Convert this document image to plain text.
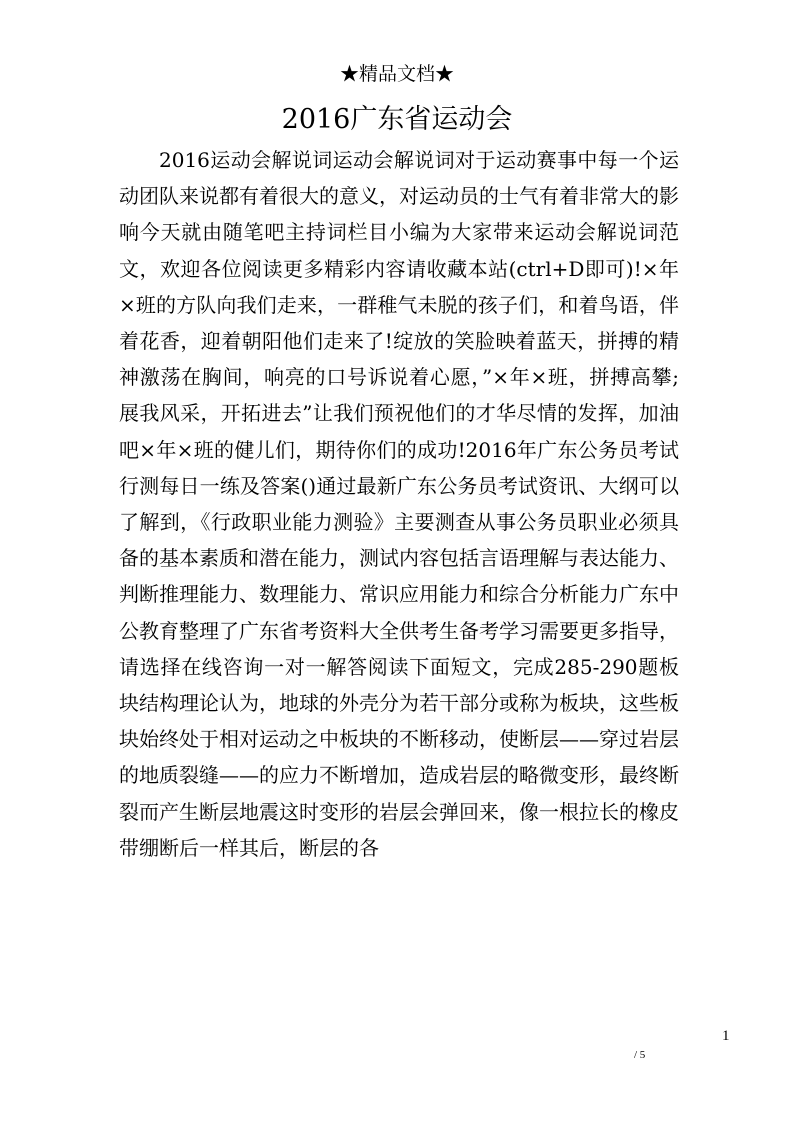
★精品文档★
2016广东省运动会

2016运动会解说词运动会解说词对于运动赛事中每一个运动团队来说都有着很大的意义，对运动员的士气有着非常大的影响今天就由随笔吧主持词栏目小编为大家带来运动会解说词范文，欢迎各位阅读更多精彩内容请收藏本站(ctrl+D即可)!×年×班的方队向我们走来，一群稚气未脱的孩子们，和着鸟语，伴着花香，迎着朝阳他们走来了!绽放的笑脸映着蓝天，拼搏的精神激荡在胸间，响亮的口号诉说着心愿，”×年×班，拼搏高攀;展我风采，开拓进去”让我们预祝他们的才华尽情的发挥，加油吧×年×班的健儿们，期待你们的成功!2016年广东公务员考试行测每日一练及答案()通过最新广东公务员考试资讯、大纲可以了解到，《行政职业能力测验》主要测查从事公务员职业必须具备的基本素质和潜在能力，测试内容包括言语理解与表达能力、判断推理能力、数理能力、常识应用能力和综合分析能力广东中公教育整理了广东省考资料大全供考生备考学习需要更多指导，请选择在线咨询一对一解答阅读下面短文，完成285-290题板块结构理论认为，地球的外壳分为若干部分或称为板块，这些板块始终处于相对运动之中板块的不断移动，使断层——穿过岩层的地质裂缝——的应力不断增加，造成岩层的略微变形，最终断裂而产生断层地震这时变形的岩层会弹回来，像一根拉长的橡皮带绷断后一样其后，断层的各

1
/ 5
